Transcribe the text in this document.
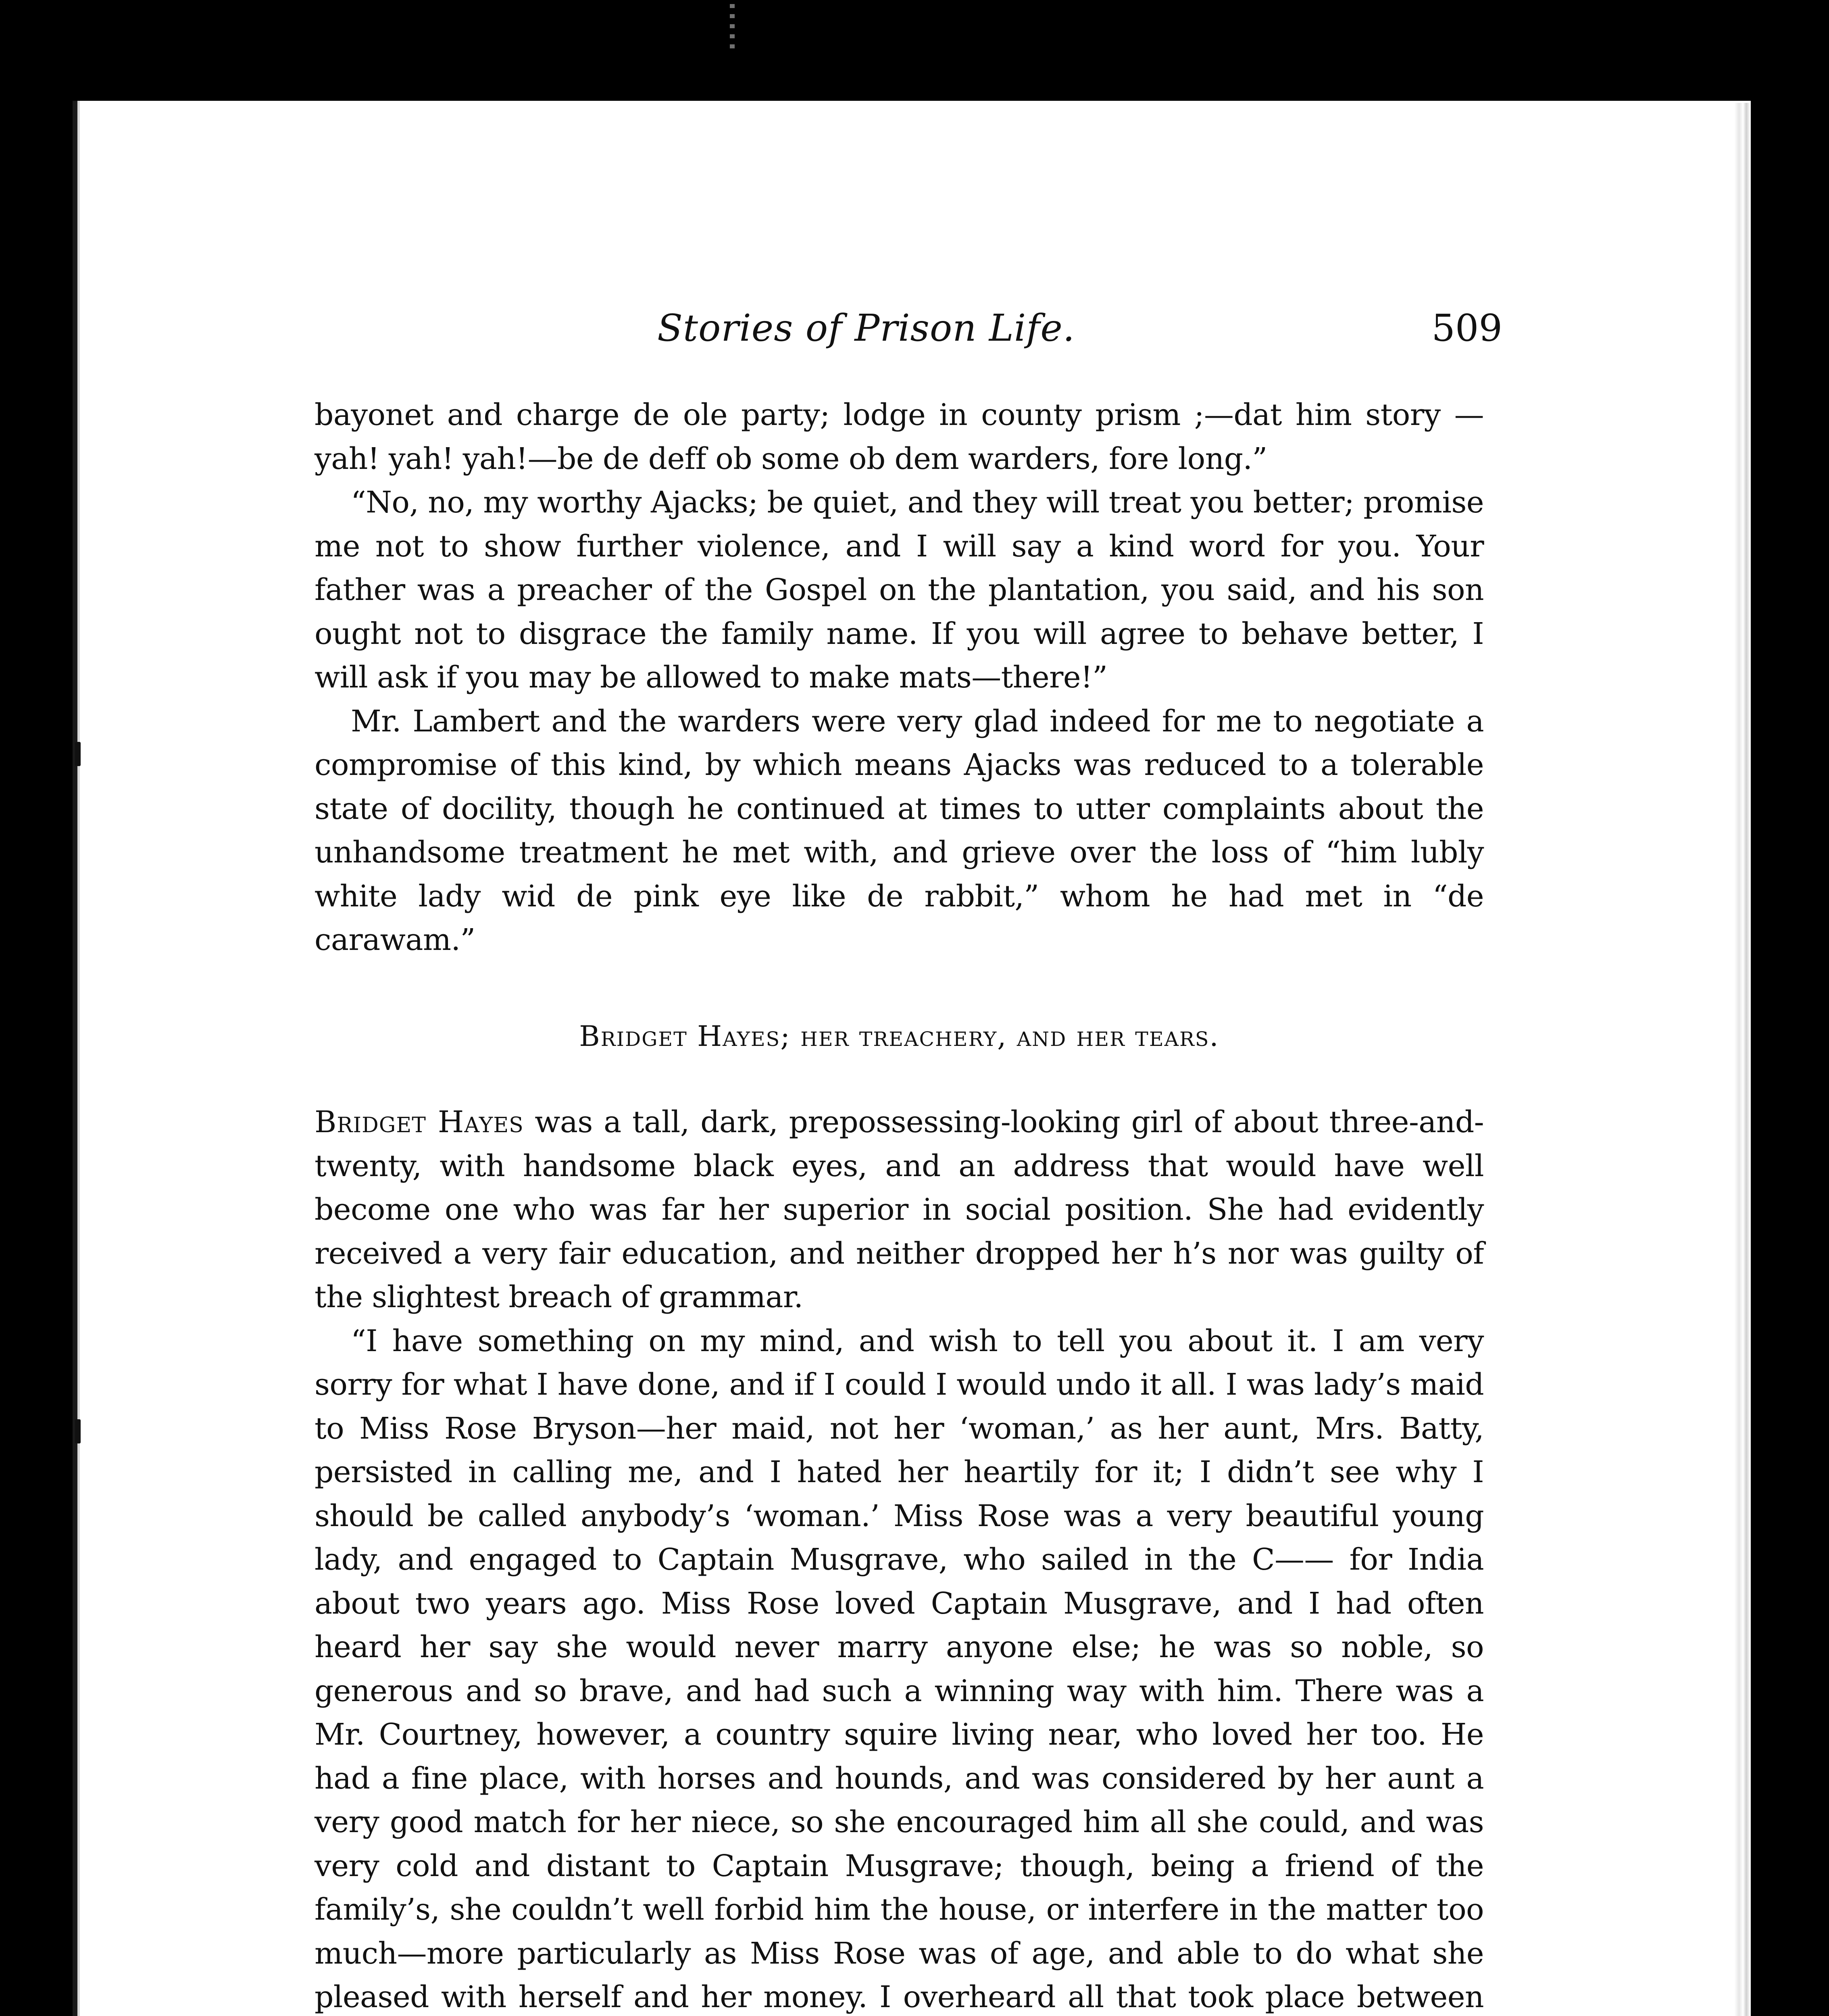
Stories of Prison Life.	509

bayonet and charge de ole party; lodge in county prism ;—dat him story —yah! yah! yah!—be de deff ob some ob dem warders, fore long.”

“No, no, my worthy Ajacks; be quiet, and they will treat you better; promise me not to show further violence, and I will say a kind word for you. Your father was a preacher of the Gospel on the plantation, you said, and his son ought not to disgrace the family name. If you will agree to behave better, I will ask if you may be allowed to make mats—there!”

Mr. Lambert and the warders were very glad indeed for me to negotiate a compromise of this kind, by which means Ajacks was reduced to a tolerable state of docility, though he continued at times to utter complaints about the unhandsome treatment he met with, and grieve over the loss of “him lubly white lady wid de pink eye like de rabbit,” whom he had met in “de carawam.”

Bridget Hayes; her treachery, and her tears.

Bridget Hayes was a tall, dark, prepossessing-looking girl of about three-and-twenty, with handsome black eyes, and an address that would have well become one who was far her superior in social position. She had evidently received a very fair education, and neither dropped her h’s nor was guilty of the slightest breach of grammar.

“I have something on my mind, and wish to tell you about it. I am very sorry for what I have done, and if I could I would undo it all. I was lady’s maid to Miss Rose Bryson—her maid, not her ‘woman,’ as her aunt, Mrs. Batty, persisted in calling me, and I hated her heartily for it; I didn’t see why I should be called anybody’s ‘woman.’ Miss Rose was a very beautiful young lady, and engaged to Captain Musgrave, who sailed in the C—— for India about two years ago. Miss Rose loved Captain Musgrave, and I had often heard her say she would never marry anyone else; he was so noble, so generous and so brave, and had such a winning way with him. There was a Mr. Courtney, however, a country squire living near, who loved her too. He had a fine place, with horses and hounds, and was considered by her aunt a very good match for her niece, so she encouraged him all she could, and was very cold and distant to Captain Musgrave; though, being a friend of the family’s, she couldn’t well forbid him the house, or interfere in the matter too much—more particularly as Miss Rose was of age, and able to do what she pleased with herself and her money. I overheard all that took place between
